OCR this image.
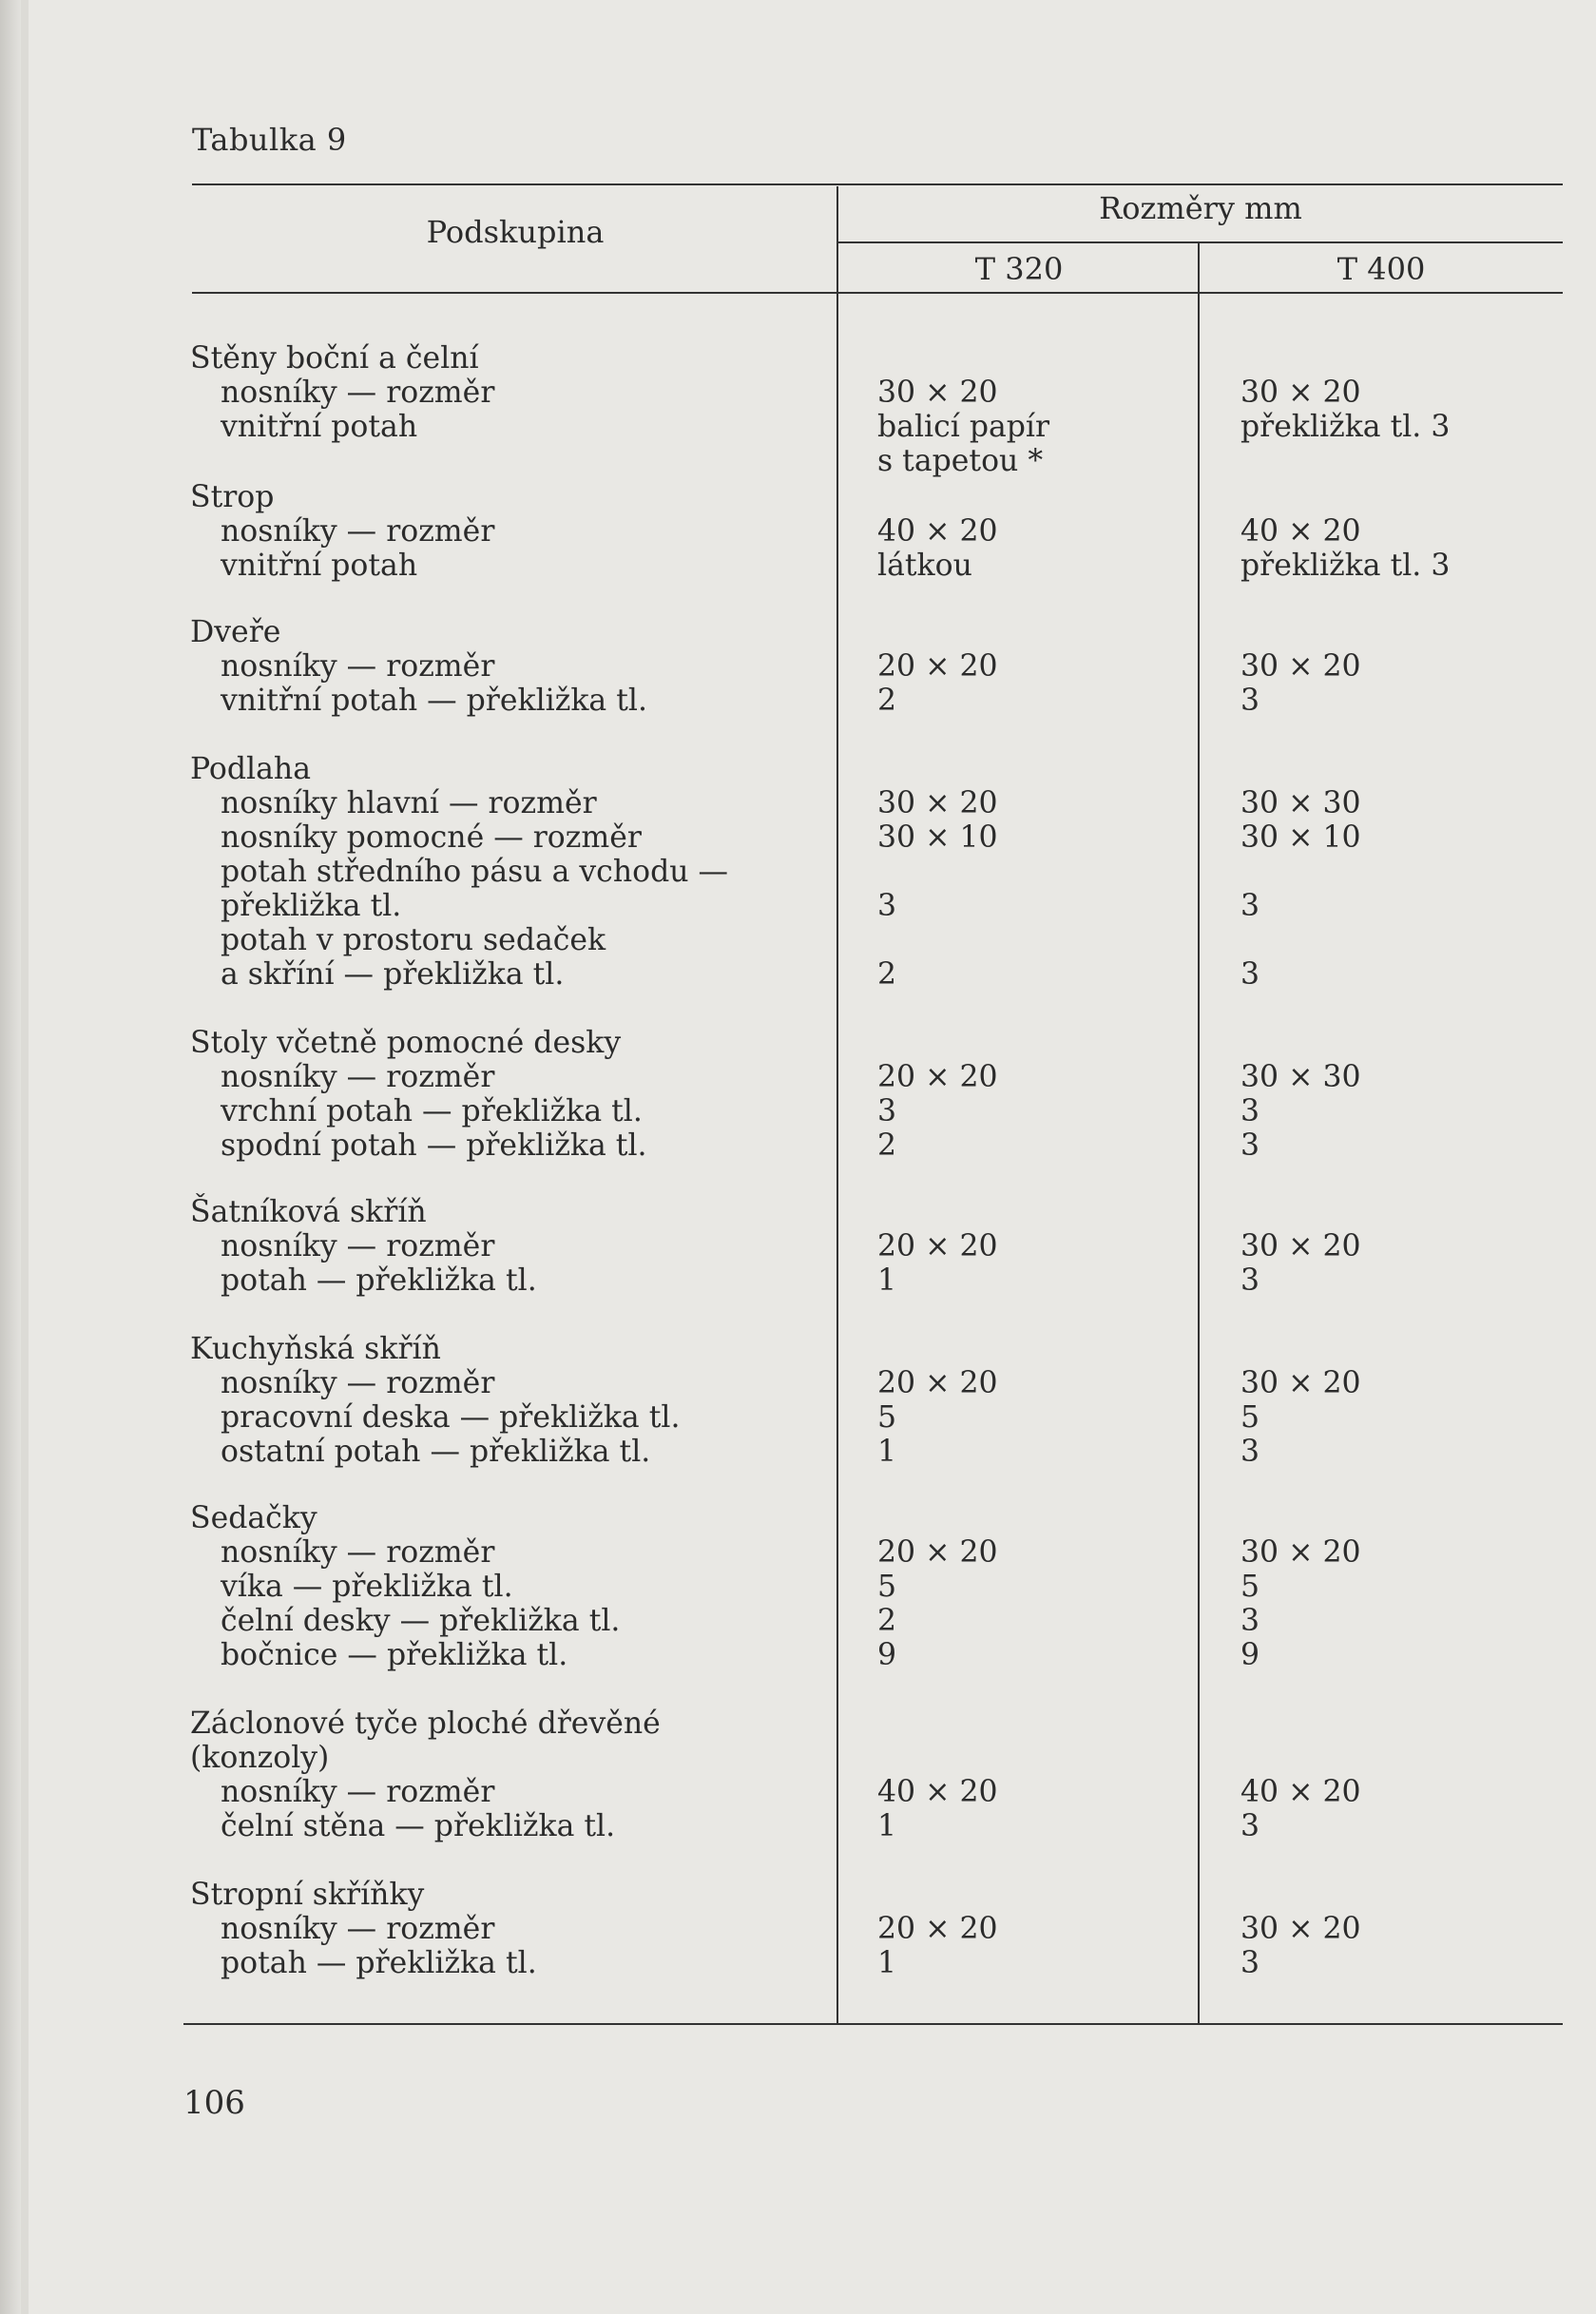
Tabulka 9
Podskupina
Rozměry mm
T 320	T 400
Stěny boční a čelní
nosníky — rozměr	30 × 20	30 × 20
vnitřní potah	balicí papír	překližka tl. 3
s tapetou *
Strop
nosníky — rozměr	40 × 20	40 × 20
vnitřní potah	látkou	překližka tl. 3
Dveře
nosníky — rozměr	20 × 20	30 × 20
vnitřní potah — překližka tl.	2	3
Podlaha
nosníky hlavní — rozměr	30 × 20	30 × 30
nosníky pomocné — rozměr	30 × 10	30 × 10
potah středního pásu a vchodu —
překližka tl.	3	3
potah v prostoru sedaček
a skříní — překližka tl.	2	3
Stoly včetně pomocné desky
nosníky — rozměr	20 × 20	30 × 30
vrchní potah — překližka tl.	3	3
spodní potah — překližka tl.	2	3
Šatníková skříň
nosníky — rozměr	20 × 20	30 × 20
potah — překližka tl.	1	3
Kuchyňská skříň
nosníky — rozměr	20 × 20	30 × 20
pracovní deska — překližka tl.	5	5
ostatní potah — překližka tl.	1	3
Sedačky
nosníky — rozměr	20 × 20	30 × 20
víka — překližka tl.	5	5
čelní desky — překližka tl.	2	3
bočnice — překližka tl.	9	9
Záclonové tyče ploché dřevěné
(konzoly)
nosníky — rozměr	40 × 20	40 × 20
čelní stěna — překližka tl.	1	3
Stropní skříňky
nosníky — rozměr	20 × 20	30 × 20
potah — překližka tl.	1	3
106
